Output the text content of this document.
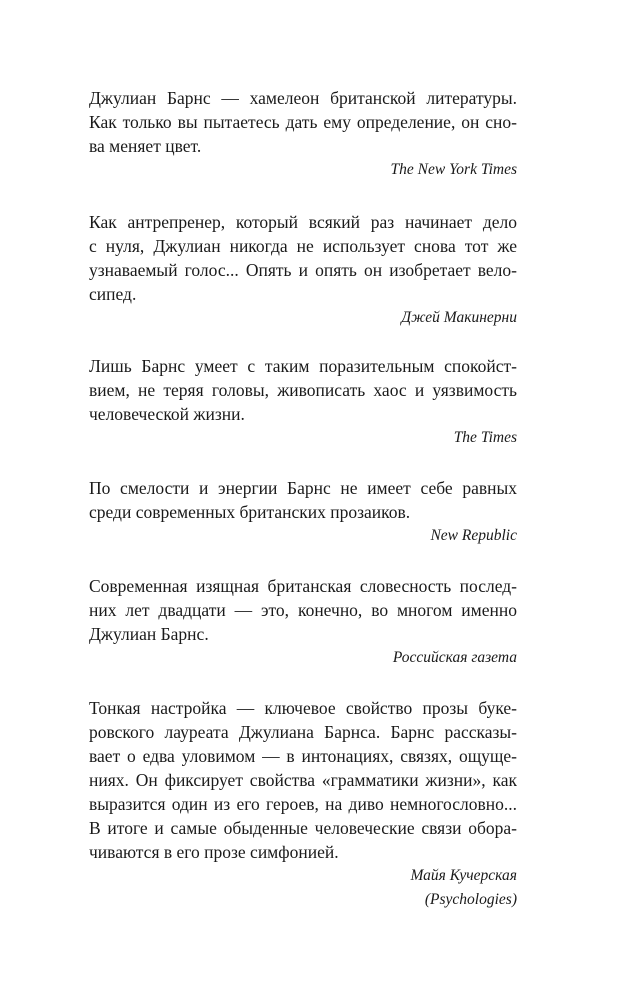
Джулиан Барнс — хамелеон британской литературы.
Как только вы пытаетесь дать ему определение, он сно-
ва меняет цвет.
The New York Times
Как антрепренер, который всякий раз начинает дело
с нуля, Джулиан никогда не использует снова тот же
узнаваемый голос... Опять и опять он изобретает вело-
сипед.
Джей Макинерни
Лишь Барнс умеет с таким поразительным спокойст-
вием, не теряя головы, живописать хаос и уязвимость
человеческой жизни.
The Times
По смелости и энергии Барнс не имеет себе равных
среди современных британских прозаиков.
New Republic
Современная изящная британская словесность послед-
них лет двадцати — это, конечно, во многом именно
Джулиан Барнс.
Российская газета
Тонкая настройка — ключевое свойство прозы буке-
ровского лауреата Джулиана Барнса. Барнс рассказы-
вает о едва уловимом — в интонациях, связях, ощуще-
ниях. Он фиксирует свойства «грамматики жизни», как
выразится один из его героев, на диво немногословно...
В итоге и самые обыденные человеческие связи обора-
чиваются в его прозе симфонией.
Майя Кучерская
(Psychologies)
